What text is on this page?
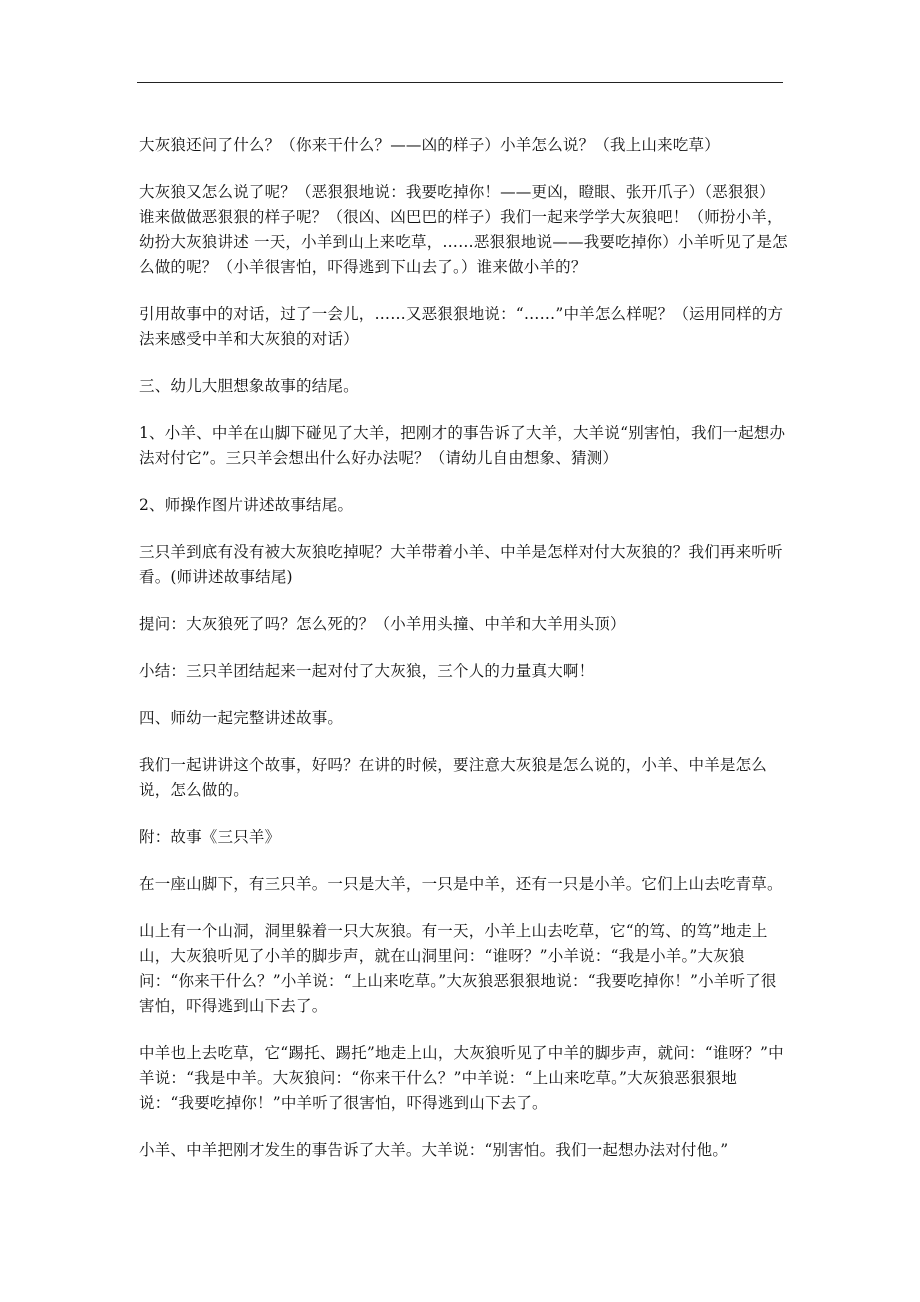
大灰狼还问了什么？（你来干什么？——凶的样子）小羊怎么说？（我上山来吃草）

大灰狼又怎么说了呢？（恶狠狠地说：我要吃掉你！——更凶，瞪眼、张开爪子）（恶狠狠）谁来做做恶狠狠的样子呢？（很凶、凶巴巴的样子）我们一起来学学大灰狼吧！（师扮小羊，幼扮大灰狼讲述 一天，小羊到山上来吃草，……恶狠狠地说——我要吃掉你）小羊听见了是怎么做的呢？（小羊很害怕，吓得逃到下山去了。）谁来做小羊的？

引用故事中的对话，过了一会儿，……又恶狠狠地说：“……”中羊怎么样呢？（运用同样的方法来感受中羊和大灰狼的对话）

三、幼儿大胆想象故事的结尾。

1、小羊、中羊在山脚下碰见了大羊，把刚才的事告诉了大羊，大羊说“别害怕，我们一起想办法对付它”。三只羊会想出什么好办法呢？（请幼儿自由想象、猜测）

2、师操作图片讲述故事结尾。

三只羊到底有没有被大灰狼吃掉呢？大羊带着小羊、中羊是怎样对付大灰狼的？我们再来听听看。(师讲述故事结尾)

提问：大灰狼死了吗？怎么死的？（小羊用头撞、中羊和大羊用头顶）

小结：三只羊团结起来一起对付了大灰狼，三个人的力量真大啊！

四、师幼一起完整讲述故事。

我们一起讲讲这个故事，好吗？在讲的时候，要注意大灰狼是怎么说的，小羊、中羊是怎么说，怎么做的。

附：故事《三只羊》

在一座山脚下，有三只羊。一只是大羊，一只是中羊，还有一只是小羊。它们上山去吃青草。

山上有一个山洞，洞里躲着一只大灰狼。有一天，小羊上山去吃草，它“的笃、的笃”地走上山，大灰狼听见了小羊的脚步声，就在山洞里问：“谁呀？”小羊说：“我是小羊。”大灰狼问：“你来干什么？”小羊说：“上山来吃草。”大灰狼恶狠狠地说：“我要吃掉你！”小羊听了很害怕，吓得逃到山下去了。

中羊也上去吃草，它“踢托、踢托”地走上山，大灰狼听见了中羊的脚步声，就问：“谁呀？”中羊说：“我是中羊。大灰狼问：“你来干什么？”中羊说：“上山来吃草。”大灰狼恶狠狠地说：“我要吃掉你！”中羊听了很害怕，吓得逃到山下去了。

小羊、中羊把刚才发生的事告诉了大羊。大羊说：“别害怕。我们一起想办法对付他。”
